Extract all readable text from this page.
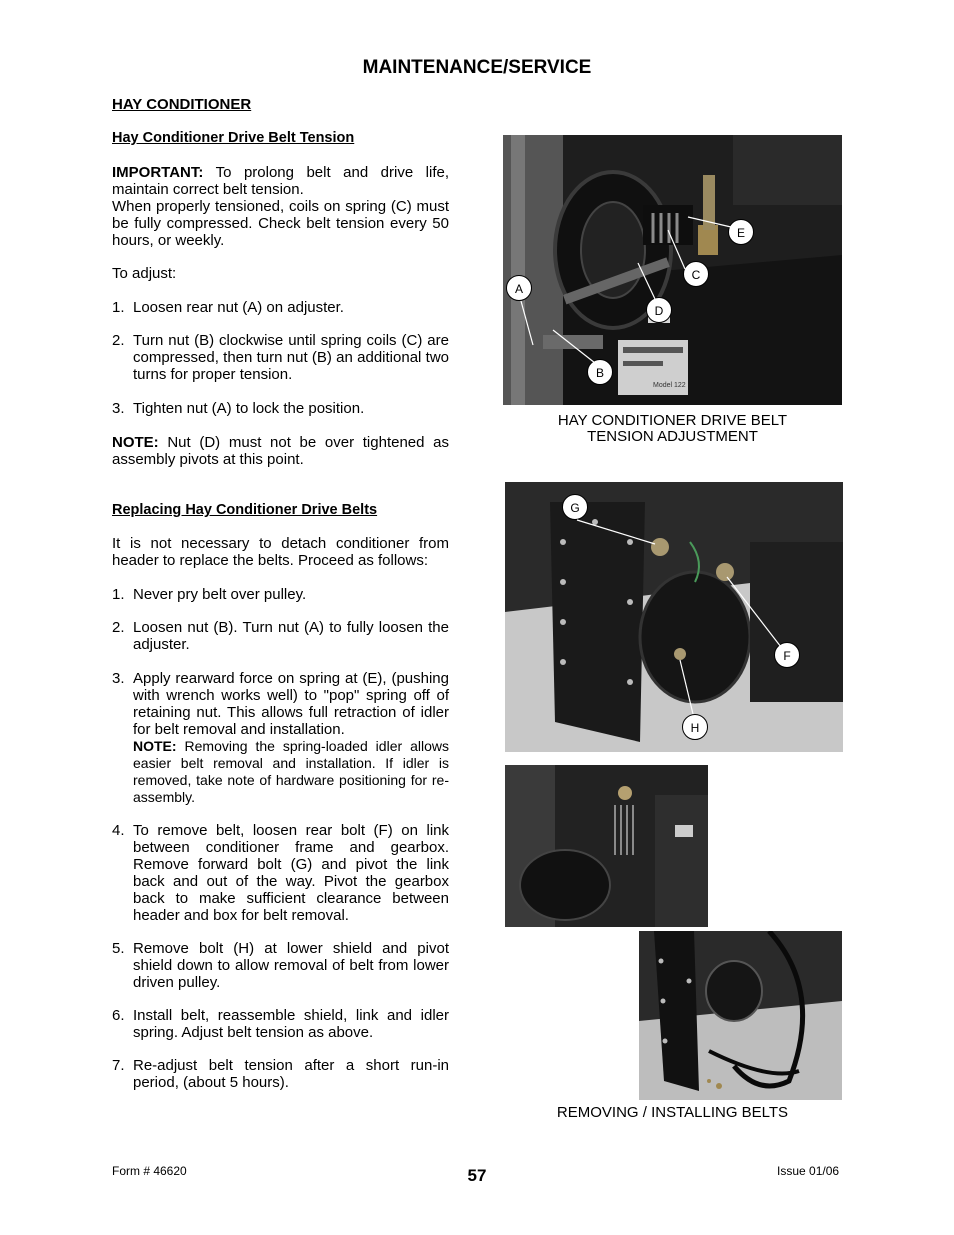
MAINTENANCE/SERVICE

HAY CONDITIONER

Hay Conditioner Drive Belt Tension

IMPORTANT: To prolong belt and drive life, maintain correct belt tension.

When properly tensioned, coils on spring (C) must be fully compressed. Check belt tension every 50 hours, or weekly.

To adjust:

1. Loosen rear nut (A) on adjuster.
2. Turn nut (B) clockwise until spring coils (C) are compressed, then turn nut (B) an additional two turns for proper tension.
3. Tighten nut (A) to lock the position.

NOTE: Nut (D) must not be over tightened as assembly pivots at this point.

Replacing Hay Conditioner Drive Belts

It is not necessary to detach conditioner from header to replace the belts. Proceed as follows:

1. Never pry belt over pulley.
2. Loosen nut (B). Turn nut (A) to fully loosen the adjuster.
3. Apply rearward force on spring at (E), (pushing with wrench works well) to "pop" spring off of retaining nut. This allows full retraction of idler for belt removal and installation.
NOTE: Removing the spring-loaded idler allows easier belt removal and installation. If idler is removed, take note of hardware positioning for re-assembly.
4. To remove belt, loosen rear bolt (F) on link between conditioner frame and gearbox. Remove forward bolt (G) and pivot the link back and out of the way. Pivot the gearbox back to make sufficient clearance between header and box for belt removal.
5. Remove bolt (H) at lower shield and pivot shield down to allow removal of belt from lower driven pulley.
6. Install belt, reassemble shield, link and idler spring. Adjust belt tension as above.
7. Re-adjust belt tension after a short run-in period, (about 5 hours).
Model 122
A
B
C
D
E

HAY CONDITIONER DRIVE BELT

TENSION ADJUSTMENT

G
F
H

REMOVING / INSTALLING BELTS

Form # 46620	57	Issue 01/06
